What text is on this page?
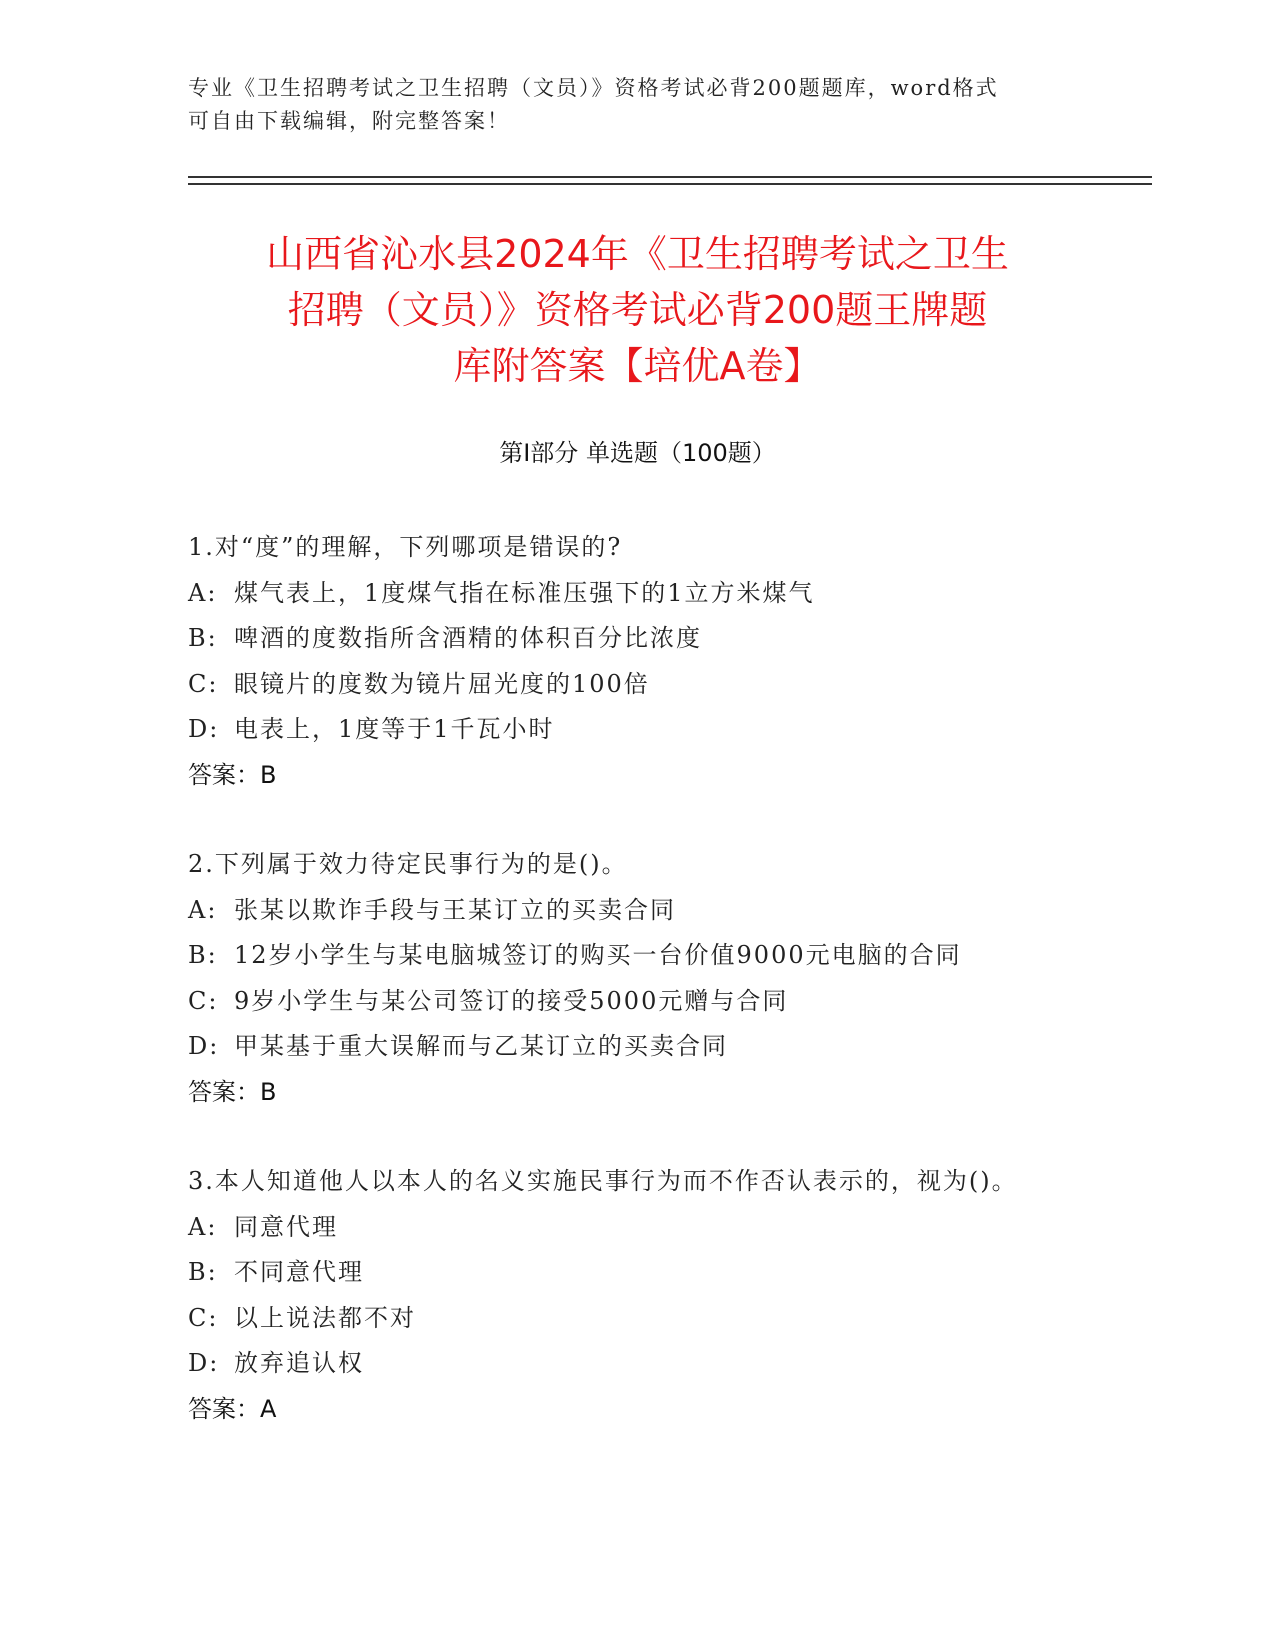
专业《卫生招聘考试之卫生招聘（文员）》资格考试必背200题题库，word格式
可自由下载编辑，附完整答案！
山西省沁水县2024年《卫生招聘考试之卫生
招聘（文员）》资格考试必背200题王牌题
库附答案【培优A卷】
第Ⅰ部分 单选题（100题）

1.对“度”的理解，下列哪项是错误的?

A: 煤气表上，1度煤气指在标准压强下的1立方米煤气

B: 啤酒的度数指所含酒精的体积百分比浓度

C: 眼镜片的度数为镜片屈光度的100倍

D: 电表上，1度等于1千瓦小时

答案：B

2.下列属于效力待定民事行为的是()。

A: 张某以欺诈手段与王某订立的买卖合同

B: 12岁小学生与某电脑城签订的购买一台价值9000元电脑的合同

C: 9岁小学生与某公司签订的接受5000元赠与合同

D: 甲某基于重大误解而与乙某订立的买卖合同

答案：B

3.本人知道他人以本人的名义实施民事行为而不作否认表示的，视为()。

A: 同意代理

B: 不同意代理

C: 以上说法都不对

D: 放弃追认权

答案：A
